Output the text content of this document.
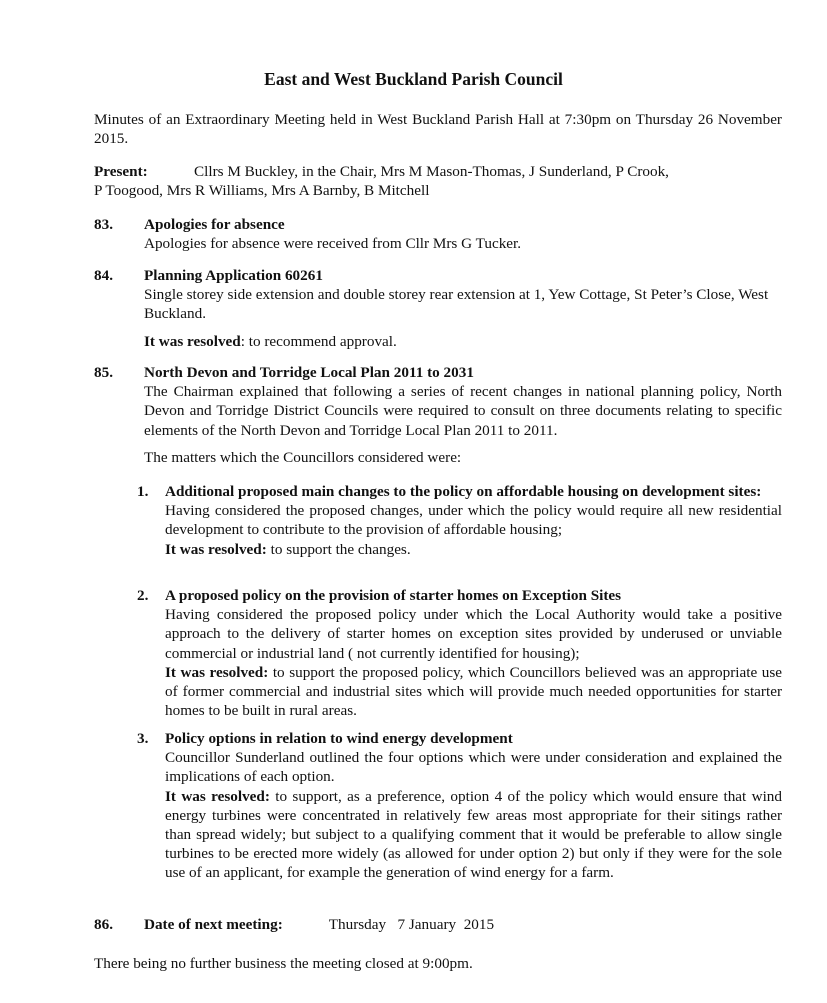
East and West Buckland Parish Council

Minutes of an Extraordinary Meeting held in West Buckland Parish Hall at 7:30pm on Thursday 26 November 2015.

Present:	Cllrs M Buckley, in the Chair, Mrs M Mason-Thomas, J Sunderland, P Crook,
P Toogood, Mrs R Williams, Mrs A Barnby, B Mitchell
83. Apologies for absence
Apologies for absence were received from Cllr Mrs G Tucker.
84. Planning Application 60261
Single storey side extension and double storey rear extension at 1, Yew Cottage, St Peter’s Close, West Buckland.
It was resolved: to recommend approval.
85. North Devon and Torridge Local Plan 2011 to 2031
The Chairman explained that following a series of recent changes in national planning policy, North Devon and Torridge District Councils were required to consult on three documents relating to specific elements of the North Devon and Torridge Local Plan 2011 to 2011.
The matters which the Councillors considered were:
1. Additional proposed main changes to the policy on affordable housing on development sites:
Having considered the proposed changes, under which the policy would require all new residential development to contribute to the provision of affordable housing;
It was resolved: to support the changes.
2. A proposed policy on the provision of starter homes on Exception Sites
Having considered the proposed policy under which the Local Authority would take a positive approach to the delivery of starter homes on exception sites provided by underused or unviable commercial or industrial land ( not currently identified for housing);
It was resolved: to support the proposed policy, which Councillors believed was an appropriate use of former commercial and industrial sites which will provide much needed opportunities for starter homes to be built in rural areas.
3. Policy options in relation to wind energy development
Councillor Sunderland outlined the four options which were under consideration and explained the implications of each option.
It was resolved: to support, as a preference, option 4 of the policy which would ensure that wind energy turbines were concentrated in relatively few areas most appropriate for their sitings rather than spread widely; but subject to a qualifying comment that it would be preferable to allow single turbines to be erected more widely (as allowed for under option 2) but only if they were for the sole use of an applicant, for example the generation of wind energy for a farm.
86. Date of next meeting:	Thursday   7 January  2015

There being no further business the meeting closed at 9:00pm.
